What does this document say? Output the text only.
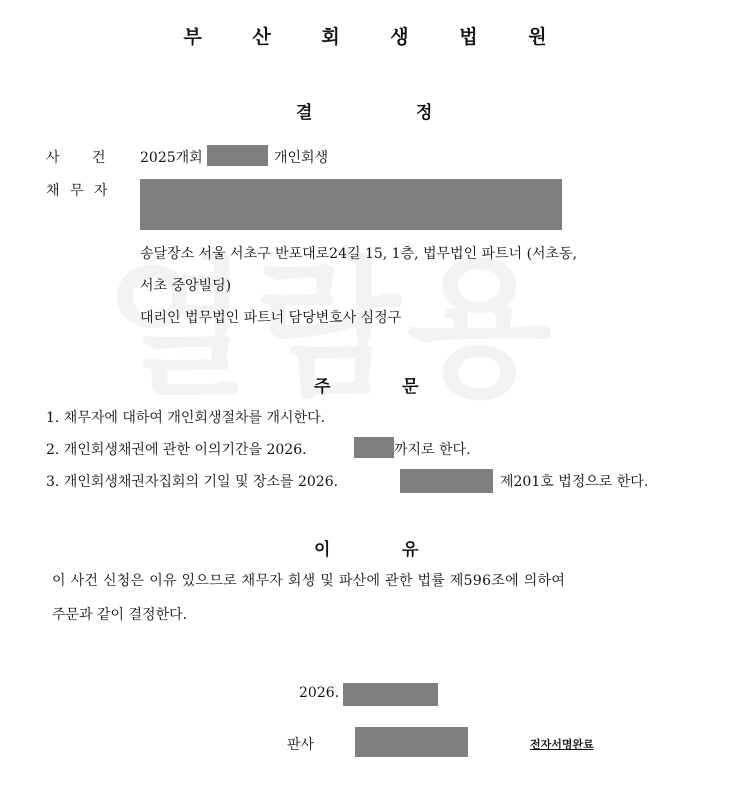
부 산 회 생 법 원
결	정
사 건 2025개회	개인회생
채 무 자
송달장소 서울 서초구 반포대로24길 15, 1층, 법무법인 파트너 (서초동,
서초 중앙빌딩)
대리인 법무법인 파트너 담당변호사 심정구
주	문
1. 채무자에 대하여 개인회생절차를 개시한다.
2. 개인회생채권에 관한 이의기간을 2026.	까지로 한다.
3. 개인회생채권자집회의 기일 및 장소를 2026.	제201호 법정으로 한다.
이	유
이 사건 신청은 이유 있으므로 채무자 회생 및 파산에 관한 법률 제596조에 의하여
주문과 같이 결정한다.
2026.
판사	전자서명완료
